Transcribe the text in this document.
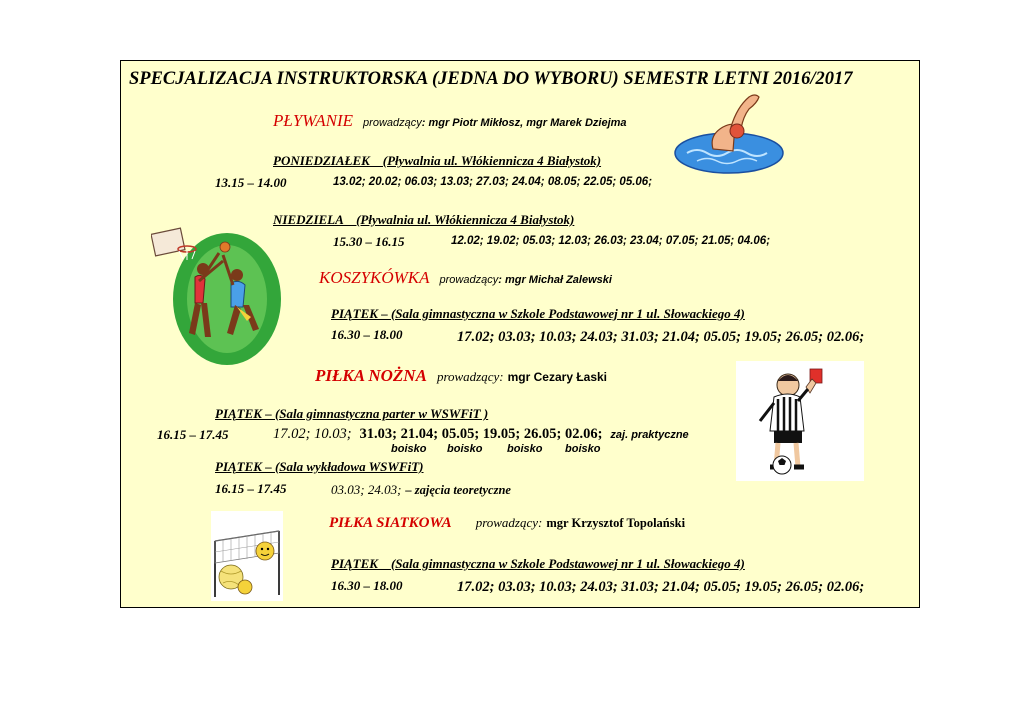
SPECJALIZACJA INSTRUKTORSKA (JEDNA DO WYBORU) SEMESTR LETNI 2016/2017
PŁYWANIE prowadzący: mgr Piotr Mikłosz, mgr Marek Dziejma
PONIEDZIAŁEK _ (Pływalnia ul. Włókiennicza 4 Białystok)
13.15 – 14.00	13.02; 20.02; 06.03; 13.03; 27.03; 24.04; 08.05; 22.05; 05.06;
NIEDZIELA _ (Pływalnia ul. Włókiennicza 4 Białystok)
15.30 – 16.15	12.02; 19.02; 05.03; 12.03; 26.03; 23.04; 07.05; 21.05; 04.06;
KOSZYKÓWKA prowadzący: mgr Michał Zalewski
PIĄTEK – (Sala gimnastyczna w Szkole Podstawowej nr 1 ul. Słowackiego 4)
16.30 – 18.00	17.02; 03.03; 10.03; 24.03; 31.03; 21.04; 05.05; 19.05; 26.05; 02.06;
PIŁKA NOŻNA prowadzący: mgr Cezary Łaski
PIĄTEK – (Sala gimnastyczna parter w WSWFiT )
16.15 – 17.45	17.02; 10.03; 31.03; 21.04; 05.05; 19.05; 26.05; 02.06; zaj. praktyczne
boisko boisko boisko boisko
PIĄTEK – (Sala wykładowa WSWFiT)
16.15 – 17.45	03.03; 24.03; – zajęcia teoretyczne
PIŁKA SIATKOWA prowadzący: mgr Krzysztof Topolański
PIĄTEK _ (Sala gimnastyczna w Szkole Podstawowej nr 1 ul. Słowackiego 4)
16.30 – 18.00	17.02; 03.03; 10.03; 24.03; 31.03; 21.04; 05.05; 19.05; 26.05; 02.06;
